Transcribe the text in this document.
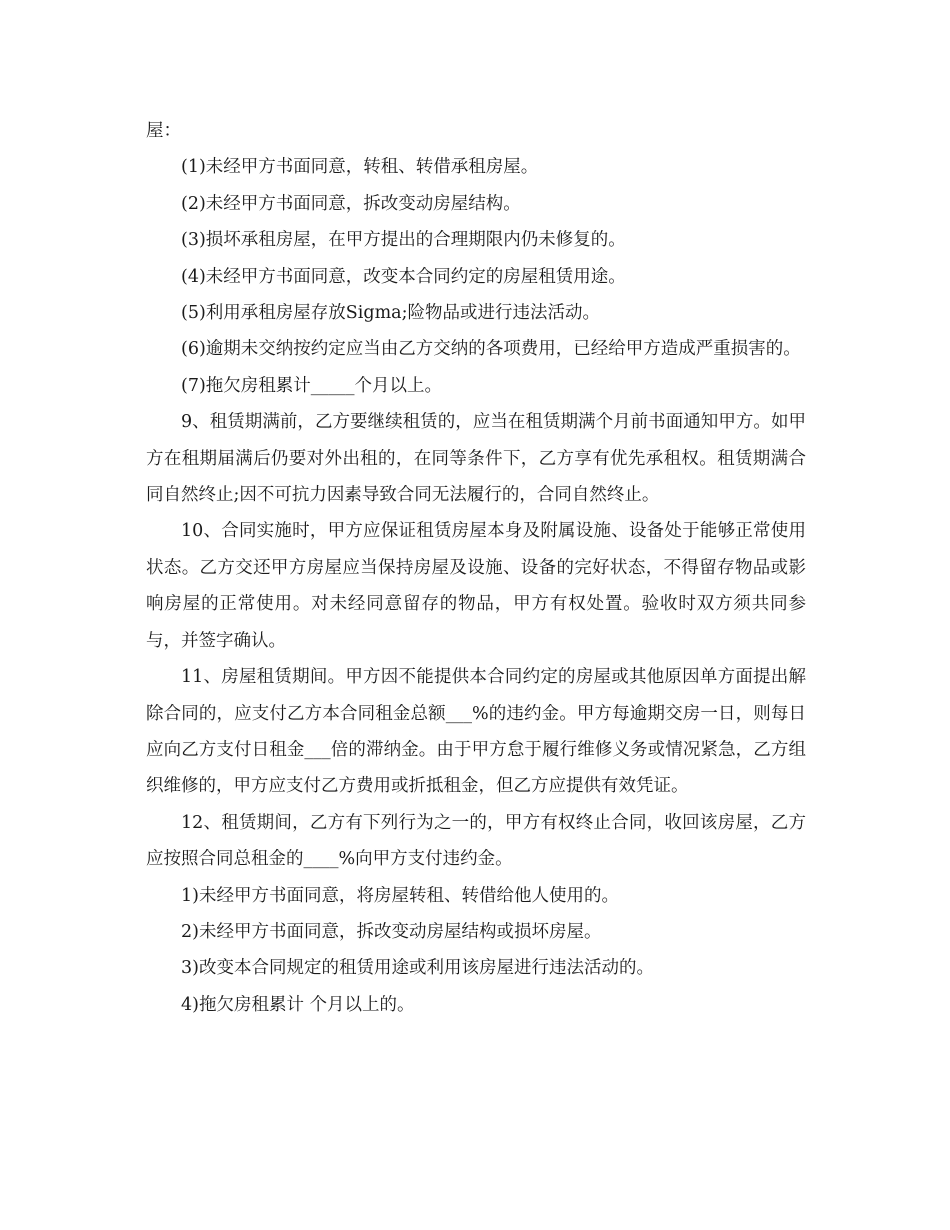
屋：

(1)未经甲方书面同意，转租、转借承租房屋。

(2)未经甲方书面同意，拆改变动房屋结构。

(3)损坏承租房屋，在甲方提出的合理期限内仍未修复的。

(4)未经甲方书面同意，改变本合同约定的房屋租赁用途。

(5)利用承租房屋存放Sigma;险物品或进行违法活动。

(6)逾期未交纳按约定应当由乙方交纳的各项费用，已经给甲方造成严重损害的。

(7)拖欠房租累计_____个月以上。

9、租赁期满前，乙方要继续租赁的，应当在租赁期满个月前书面通知甲方。如甲方在租期届满后仍要对外出租的，在同等条件下，乙方享有优先承租权。租赁期满合同自然终止;因不可抗力因素导致合同无法履行的，合同自然终止。

10、合同实施时，甲方应保证租赁房屋本身及附属设施、设备处于能够正常使用状态。乙方交还甲方房屋应当保持房屋及设施、设备的完好状态，不得留存物品或影响房屋的正常使用。对未经同意留存的物品，甲方有权处置。验收时双方须共同参与，并签字确认。

11、房屋租赁期间。甲方因不能提供本合同约定的房屋或其他原因单方面提出解除合同的，应支付乙方本合同租金总额___%的违约金。甲方每逾期交房一日，则每日应向乙方支付日租金___倍的滞纳金。由于甲方怠于履行维修义务或情况紧急，乙方组织维修的，甲方应支付乙方费用或折抵租金，但乙方应提供有效凭证。

12、租赁期间，乙方有下列行为之一的，甲方有权终止合同，收回该房屋，乙方应按照合同总租金的____%向甲方支付违约金。

1)未经甲方书面同意，将房屋转租、转借给他人使用的。

2)未经甲方书面同意，拆改变动房屋结构或损坏房屋。

3)改变本合同规定的租赁用途或利用该房屋进行违法活动的。

4)拖欠房租累计 个月以上的。
